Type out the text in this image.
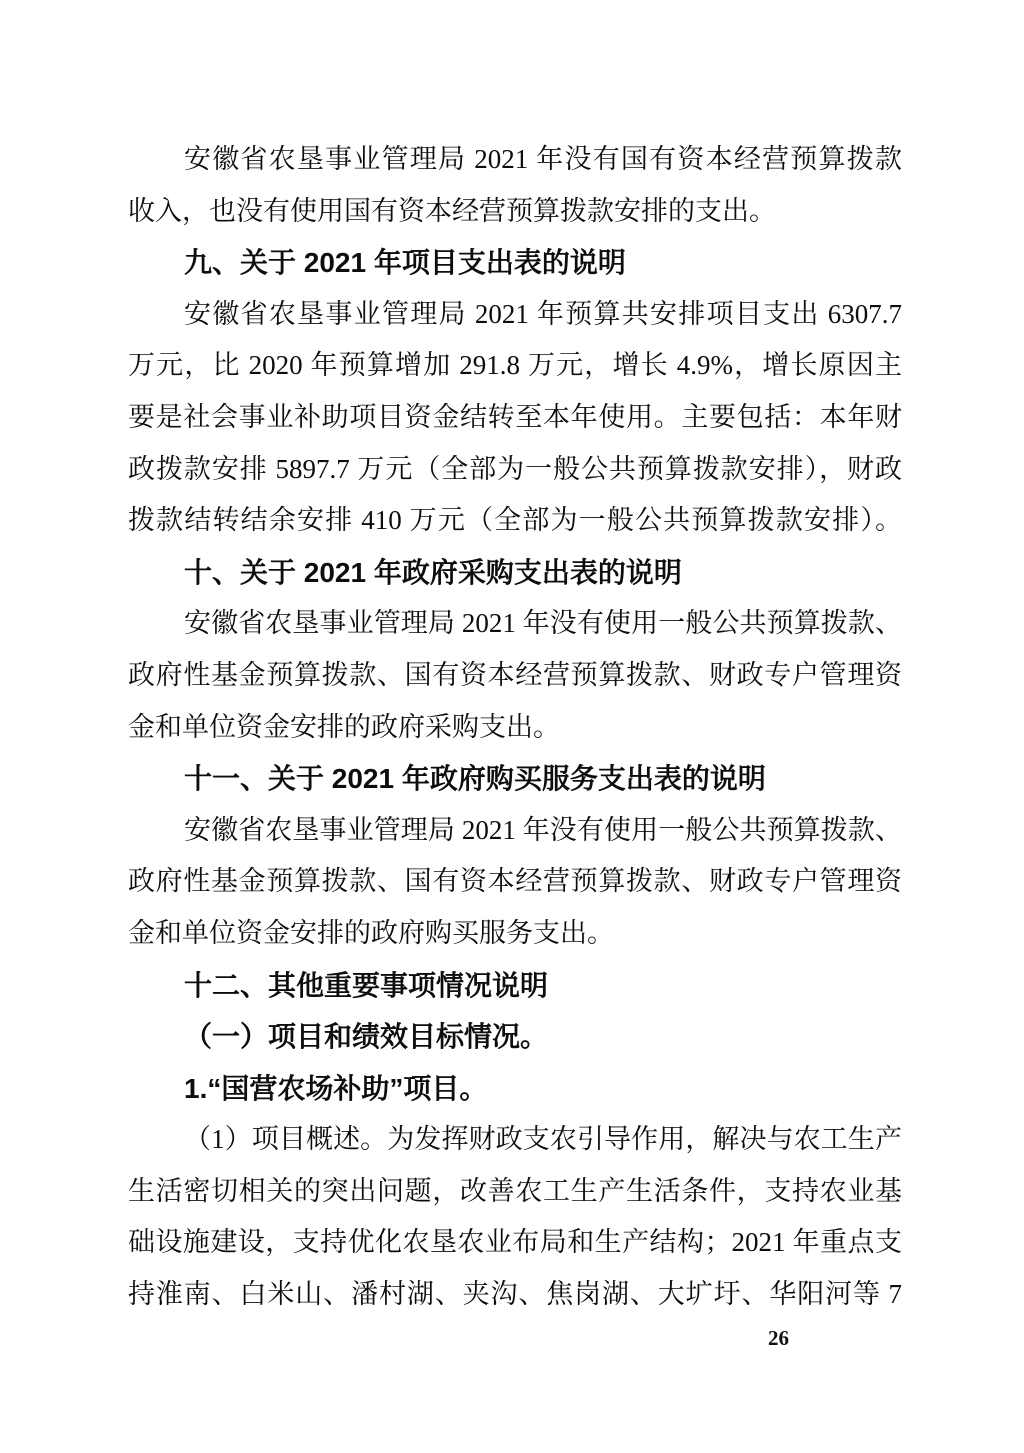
安徽省农垦事业管理局 2021 年没有国有资本经营预算拨款
收入，也没有使用国有资本经营预算拨款安排的支出。
九、关于 2021 年项目支出表的说明
安徽省农垦事业管理局 2021 年预算共安排项目支出 6307.7
万元，比 2020 年预算增加 291.8 万元，增长 4.9%，增长原因主
要是社会事业补助项目资金结转至本年使用。主要包括：本年财
政拨款安排 5897.7 万元（全部为一般公共预算拨款安排），财政
拨款结转结余安排 410 万元（全部为一般公共预算拨款安排）。
十、关于 2021 年政府采购支出表的说明
安徽省农垦事业管理局 2021 年没有使用一般公共预算拨款、
政府性基金预算拨款、国有资本经营预算拨款、财政专户管理资
金和单位资金安排的政府采购支出。
十一、关于 2021 年政府购买服务支出表的说明
安徽省农垦事业管理局 2021 年没有使用一般公共预算拨款、
政府性基金预算拨款、国有资本经营预算拨款、财政专户管理资
金和单位资金安排的政府购买服务支出。
十二、其他重要事项情况说明
（一）项目和绩效目标情况。
1.“国营农场补助”项目。
（1）项目概述。为发挥财政支农引导作用，解决与农工生产
生活密切相关的突出问题，改善农工生产生活条件，支持农业基
础设施建设，支持优化农垦农业布局和生产结构；2021 年重点支
持淮南、白米山、潘村湖、夹沟、焦岗湖、大圹圩、华阳河等 7
26
